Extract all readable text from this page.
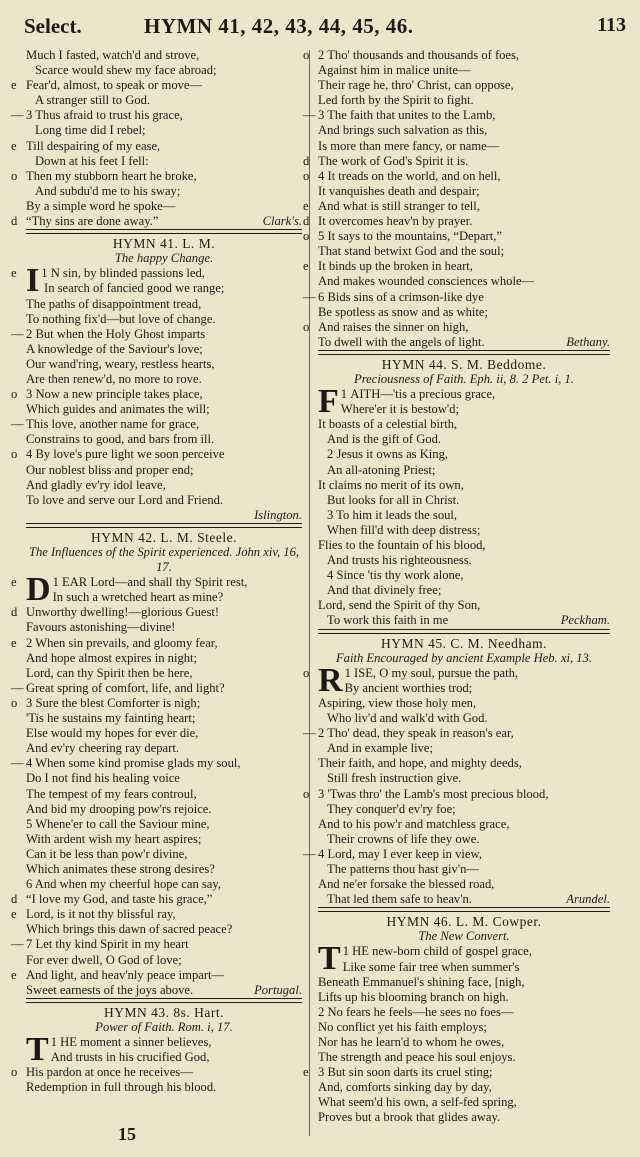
Select.	HYMN 41, 42, 43, 44, 45, 46.	113
Much I fasted, watch'd and strove,
Scarce would shew my face abroad;
e Fear'd, almost, to speak or move—
A stranger still to God.
— 3 Thus afraid to trust his grace,
Long time did I rebel;
e Till despairing of my ease,
Down at his feet I fell:
o Then my stubborn heart he broke,
And subdu'd me to his sway;
By a simple word he spoke—
d “Thy sins are done away.”	Clark's.
HYMN 41. L. M.
The happy Change.
e 1
I N sin, by blinded passions led,
In search of fancied good we range;
The paths of disappointment tread,
To nothing fix'd—but love of change.
— 2 But when the Holy Ghost imparts
A knowledge of the Saviour's love;
Our wand'ring, weary, restless hearts,
Are then renew'd, no more to rove.
o 3 Now a new principle takes place,
Which guides and animates the will;
— This love, another name for grace,
Constrains to good, and bars from ill.
o 4 By love's pure light we soon perceive
Our noblest bliss and proper end;
And gladly ev'ry idol leave,
To love and serve our Lord and Friend.
Islington.
HYMN 42. L. M. Steele.
The Influences of the Spirit experienced. John xiv, 16, 17.
e	1
D EAR Lord—and shall thy Spirit rest,
In such a wretched heart as mine?
d Unworthy dwelling!—glorious Guest!
Favours astonishing—divine!
e 2 When sin prevails, and gloomy fear,
And hope almost expires in night;
Lord, can thy Spirit then be here,
— Great spring of comfort, life, and light?
o 3 Sure the blest Comforter is nigh;
'Tis he sustains my fainting heart;
Else would my hopes for ever die,
And ev'ry cheering ray depart.
— 4 When some kind promise glads my soul,
Do I not find his healing voice
The tempest of my fears controul,
And bid my drooping pow'rs rejoice.
5 Whene'er to call the Saviour mine,
With ardent wish my heart aspires;
Can it be less than pow'r divine,
Which animates these strong desires?
6 And when my cheerful hope can say,
d “I love my God, and taste his grace,”
e Lord, is it not thy blissful ray,
Which brings this dawn of sacred peace?
— 7 Let thy kind Spirit in my heart
For ever dwell, O God of love;
e And light, and heav'nly peace impart—
Sweet earnests of the joys above.	Portugal.
HYMN 43. 8s. Hart.
Power of Faith. Rom. i, 17.
1
T HE moment a sinner believes,
And trusts in his crucified God,
o His pardon at once he receives—
Redemption in full through his blood.
o 2 Tho' thousands and thousands of foes,
Against him in malice unite—
Their rage he, thro' Christ, can oppose,
Led forth by the Spirit to fight.
— 3 The faith that unites to the Lamb,
And brings such salvation as this,
Is more than mere fancy, or name—
d The work of God's Spirit it is.
o 4 It treads on the world, and on hell,
It vanquishes death and despair;
e And what is still stranger to tell,
d It overcomes heav'n by prayer.
o 5 It says to the mountains, “Depart,”
That stand betwixt God and the soul;
e It binds up the broken in heart,
And makes wounded consciences whole—
— 6 Bids sins of a crimson-like dye
Be spotless as snow and as white;
o And raises the sinner on high,
To dwell with the angels of light.	Bethany.
HYMN 44. S. M. Beddome.
Preciousness of Faith. Eph. ii, 8. 2 Pet. i, 1.
1
F AITH—'tis a precious grace,
Where'er it is bestow'd;
It boasts of a celestial birth,
And is the gift of God.
2 Jesus it owns as King,
An all-atoning Priest;
It claims no merit of its own,
But looks for all in Christ.
3 To him it leads the soul,
When fill'd with deep distress;
Flies to the fountain of his blood,
And trusts his righteousness.
4 Since 'tis thy work alone,
And that divinely free;
Lord, send the Spirit of thy Son,
To work this faith in me	Peckham.
HYMN 45. C. M. Needham.
Faith Encouraged by ancient Example Heb. xi, 13.
o	1
R ISE, O my soul, pursue the path,
By ancient worthies trod;
Aspiring, view those holy men,
Who liv'd and walk'd with God.
— 2 Tho' dead, they speak in reason's ear,
And in example live;
Their faith, and hope, and mighty deeds,
Still fresh instruction give.
o 3 'Twas thro' the Lamb's most precious blood,
They conquer'd ev'ry foe;
And to his pow'r and matchless grace,
Their crowns of life they owe.
— 4 Lord, may I ever keep in view,
The patterns thou hast giv'n—
And ne'er forsake the blessed road,
That led them safe to heav'n.	Arundel.
HYMN 46. L. M. Cowper.
The New Convert.
1
T HE new-born child of gospel grace,
Like some fair tree when summer's
Beneath Emmanuel's shining face, [nigh,
Lifts up his blooming branch on high.
2 No fears he feels—he sees no foes—
No conflict yet his faith employs;
Nor has he learn'd to whom he owes,
The strength and peace his soul enjoys.
e 3 But sin soon darts its cruel sting;
And, comforts sinking day by day,
What seem'd his own, a self-fed spring,
Proves but a brook that glides away.
15
